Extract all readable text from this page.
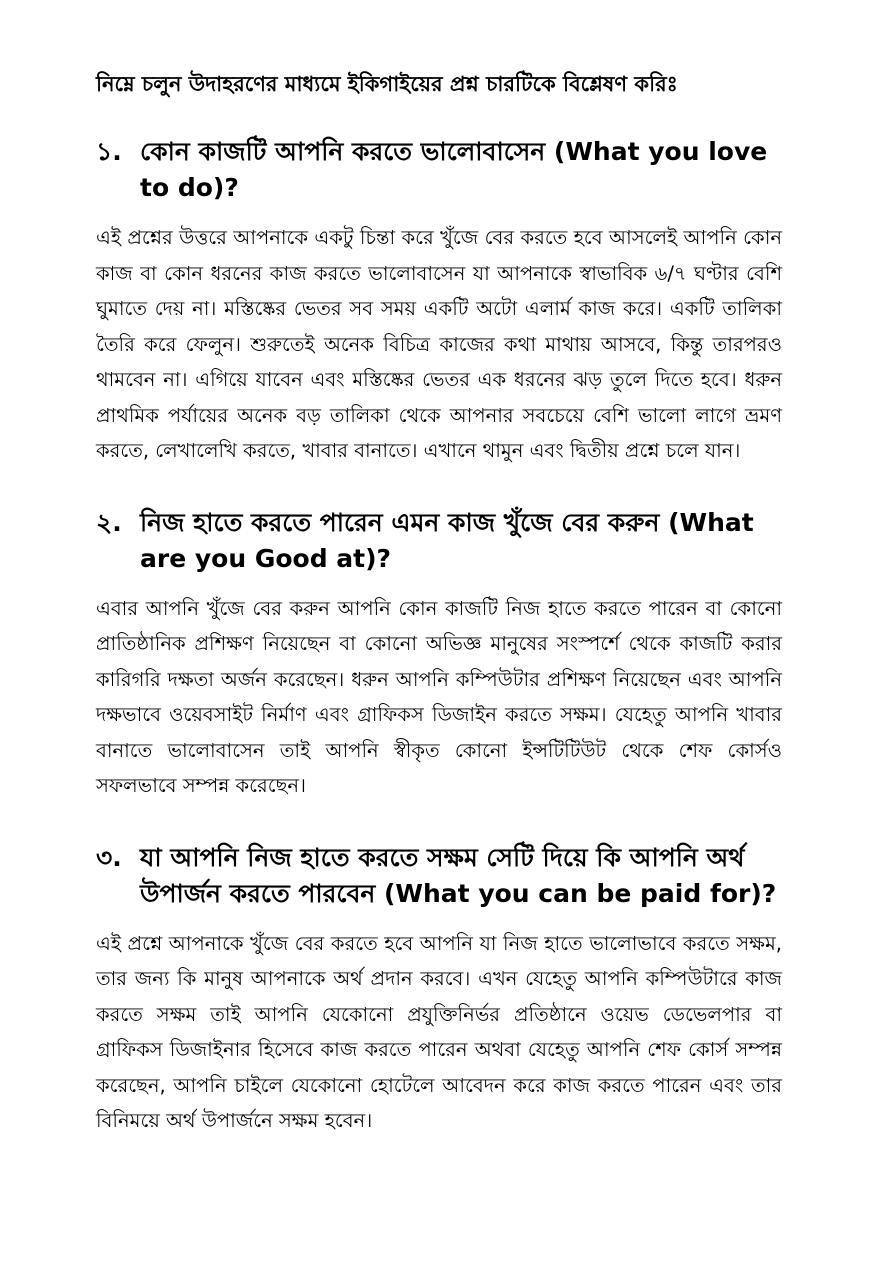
নিম্নে চলুন উদাহরণের মাধ্যমে ইকিগাইয়ের প্রশ্ন চারটিকে বিশ্লেষণ করিঃ

১. কোন কাজটি আপনি করতে ভালোবাসেন (What you love to do)?

এই প্রশ্নের উত্তরে আপনাকে একটু চিন্তা করে খুঁজে বের করতে হবে আসলেই আপনি কোন কাজ বা কোন ধরনের কাজ করতে ভালোবাসেন যা আপনাকে স্বাভাবিক ৬/৭ ঘণ্টার বেশি ঘুমাতে দেয় না। মস্তিষ্কের ভেতর সব সময় একটি অটো এলার্ম কাজ করে। একটি তালিকা তৈরি করে ফেলুন। শুরুতেই অনেক বিচিত্র কাজের কথা মাথায় আসবে, কিন্তু তারপরও থামবেন না। এগিয়ে যাবেন এবং মস্তিষ্কের ভেতর এক ধরনের ঝড় তুলে দিতে হবে। ধরুন প্রাথমিক পর্যায়ের অনেক বড় তালিকা থেকে আপনার সবচেয়ে বেশি ভালো লাগে ভ্রমণ করতে, লেখালেখি করতে, খাবার বানাতে। এখানে থামুন এবং দ্বিতীয় প্রশ্নে চলে যান।

২. নিজ হাতে করতে পারেন এমন কাজ খুঁজে বের করুন (What are you Good at)?

এবার আপনি খুঁজে বের করুন আপনি কোন কাজটি নিজ হাতে করতে পারেন বা কোনো প্রাতিষ্ঠানিক প্রশিক্ষণ নিয়েছেন বা কোনো অভিজ্ঞ মানুষের সংস্পর্শে থেকে কাজটি করার কারিগরি দক্ষতা অর্জন করেছেন। ধরুন আপনি কম্পিউটার প্রশিক্ষণ নিয়েছেন এবং আপনি দক্ষভাবে ওয়েবসাইট নির্মাণ এবং গ্রাফিকস ডিজাইন করতে সক্ষম। যেহেতু আপনি খাবার বানাতে ভালোবাসেন তাই আপনি স্বীকৃত কোনো ইন্সটিটিউট থেকে শেফ কোর্সও সফলভাবে সম্পন্ন করেছেন।

৩. যা আপনি নিজ হাতে করতে সক্ষম সেটি দিয়ে কি আপনি অর্থ উপার্জন করতে পারবেন (What you can be paid for)?

এই প্রশ্নে আপনাকে খুঁজে বের করতে হবে আপনি যা নিজ হাতে ভালোভাবে করতে সক্ষম, তার জন্য কি মানুষ আপনাকে অর্থ প্রদান করবে। এখন যেহেতু আপনি কম্পিউটারে কাজ করতে সক্ষম তাই আপনি যেকোনো প্রযুক্তিনির্ভর প্রতিষ্ঠানে ওয়েভ ডেভেলপার বা গ্রাফিকস ডিজাইনার হিসেবে কাজ করতে পারেন অথবা যেহেতু আপনি শেফ কোর্স সম্পন্ন করেছেন, আপনি চাইলে যেকোনো হোটেলে আবেদন করে কাজ করতে পারেন এবং তার বিনিময়ে অর্থ উপার্জনে সক্ষম হবেন।
